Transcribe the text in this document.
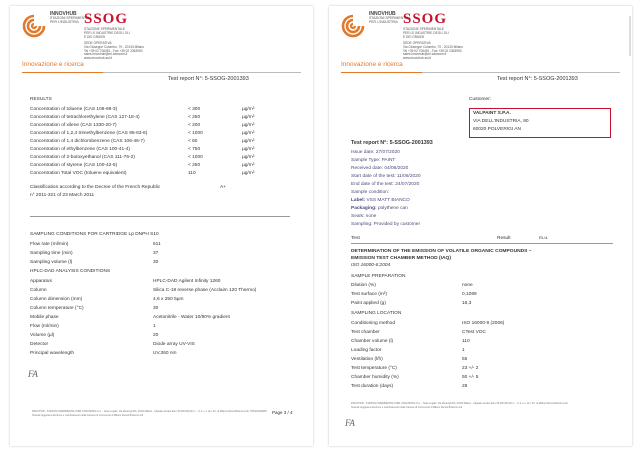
INNOVHUB
STAZIONI SPERIMENTALI
PER L'INDUSTRIA SSOG
STAZIONE SPERIMENTALE
PER LE INDUSTRIE DEGLI OLI
E DEI GRASSI
SEDE OPERATIVA:
Via Giuseppe Colombo, 79 - 20133 Milano
Tel +39 02 706491 - Fax +39 02 2363953
sales.innovhub@mi.camcom.it
www.innovhub-ssi.it
Innovazione e ricerca
Test report N°: 5-SSOG-2001393
RESULTS
Concentration of toluene (CAS 108-88-3)	< 300	µg/m³
Concentration of tetrachlorethylene (CAS 127-18-4)	< 250	µg/m³
Concentration of xilene (CAS 1330-20-7)	< 200	µg/m³
Concentration of 1,2,4 trimethylbenzene (CAS 95-63-6)	< 1000	µg/m³
Concentration of 1,4 dichlorobenzene (CAS 106-46-7)	< 60	µg/m³
Concentration of ethylbenzene (CAS 100-41-4)	< 750	µg/m³
Concentration of 2-butoxyethanol (CAS 111-76-2)	< 1000	µg/m³
Concentration of styrene (CAS 100-42-5)	< 250	µg/m³
Concentration Total VOC (toluene equivalent)	110	µg/m³
Classification according to the Decree of the French Republic	A+
n° 2011-321 of 23 March 2011
SAMPLING CONDITIONS FOR CARTRIDGE Lp DNPH S10
Flow rate (ml/min)	611
Sampling time (min)	37
Sampling volume (l)	30
HPLC-DAD ANALYSIS CONDITIONS
Apparatus	HPLC-DAD Agilent Infinity 1260
Column	Silica C-18 reverse phase (Acclaim 120 Thermo)
Column dimension (mm)	4,6 x 250 5µm
Column temperature (°C)	30
Mobile phase	Acetonitrile - Water 10/90% gradient
Flow (ml/min)	1
Volume (µl)	20
Detector	Diode array UV-VIS
Principal wavelength	UV,360 nm
FA
INNOVHUB - STAZIONI SPERIMENTALI PER L'INDUSTRIA S.r.l. - Sede Legale: Via Meravigli 9/b, 20123 Milano - Capitale sociale Euro 30.000.000,00 i.v. - C.F. e n. iscr. R.I. di Milano Monza Brianza Lodi: IT05121060965
Società soggetta a direzione e coordinamento della Camera di Commercio di Milano Monza Brianza Lodi
Page 3 / 4
INNOVHUB
STAZIONI SPERIMENTALI
PER L'INDUSTRIA SSOG
STAZIONE SPERIMENTALE
PER LE INDUSTRIE DEGLI OLI
E DEI GRASSI
SEDE OPERATIVA:
Via Giuseppe Colombo, 79 - 20133 Milano
Tel +39 02 706491 - Fax +39 02 2363953
sales.innovhub@mi.camcom.it
www.innovhub-ssi.it
Innovazione e ricerca
Test report N°: 5-SSOG-2001393
Customer:
VALPAINT S.P.A.
VIA DELL'INDUSTRIA, 80
60020 POLVERIGI AN
Test report N°: 5-SSOG-2001393
Issue date: 27/07/2020
Sample Type: PAINT
Received date: 04/06/2020
Start date of the test: 11/06/2020
End date of the test: 24/07/2020
Sample condition:
Label: VSS MATT BIANCO
Packaging: polythene can
Seals: none
Sampling: Provided by customer
Test	Result	m.u.
DETERMINATION OF THE EMISSION OF VOLATILE ORGANIC COMPOUNDS –
EMISSION TEST CHAMBER METHOD (IAQ)
ISO 16000-6:2004
SAMPLE PREPARATION
Dilution (%)	none
Test surface (m²)	0,1089
Paint applied (g)	16,3
SAMPLING LOCATION
Conditioning method	ISO 16000-9 (2006)
Test chamber	CTest VOC
Chamber volume (l)	110
Loading factor	1
Ventilation (l/h)	55
Test temperature (°C)	23 +/- 2
Chamber humidity (%)	50 +/- 5
Test duration (days)	28
INNOVHUB - STAZIONI SPERIMENTALI PER L'INDUSTRIA S.r.l. - Sede Legale: Via Meravigli 9/b, 20123 Milano - Capitale sociale Euro 30.000.000,00 i.v. - C.F. e n. iscr. R.I. di Milano Monza Brianza Lodi
Società soggetta a direzione e coordinamento della Camera di Commercio di Milano Monza Brianza Lodi
FA
